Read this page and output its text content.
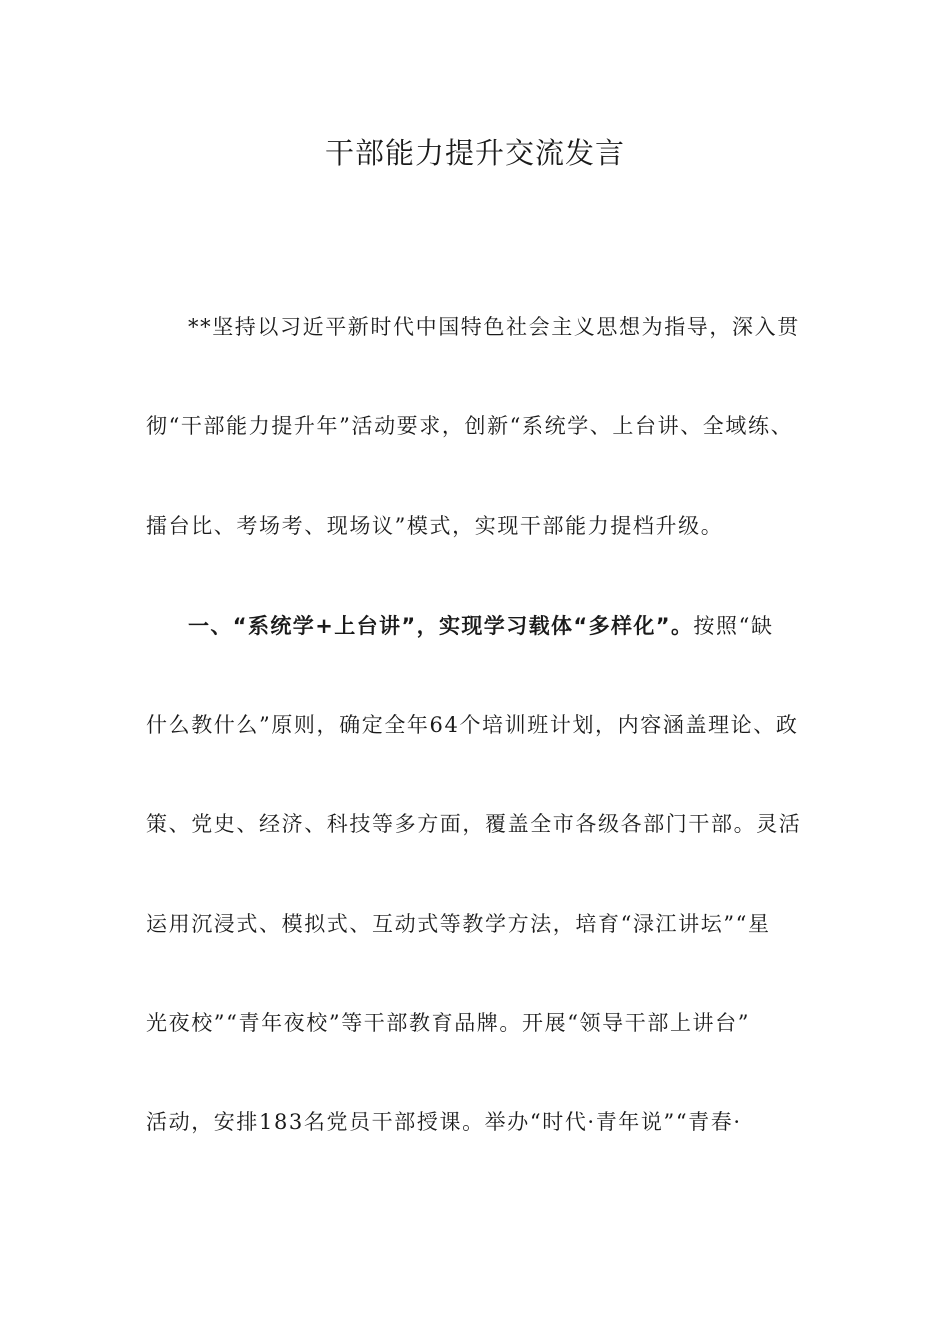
干部能力提升交流发言
**坚持以习近平新时代中国特色社会主义思想为指导，深入贯
彻“干部能力提升年”活动要求，创新“系统学、上台讲、全域练、
擂台比、考场考、现场议”模式，实现干部能力提档升级。
一、“系统学+上台讲”，实现学习载体“多样化”。按照“缺
什么教什么”原则，确定全年64个培训班计划，内容涵盖理论、政
策、党史、经济、科技等多方面，覆盖全市各级各部门干部。灵活
运用沉浸式、模拟式、互动式等教学方法，培育“渌江讲坛”“星
光夜校”“青年夜校”等干部教育品牌。开展“领导干部上讲台”
活动，安排183名党员干部授课。举办“时代·青年说”“青春·
